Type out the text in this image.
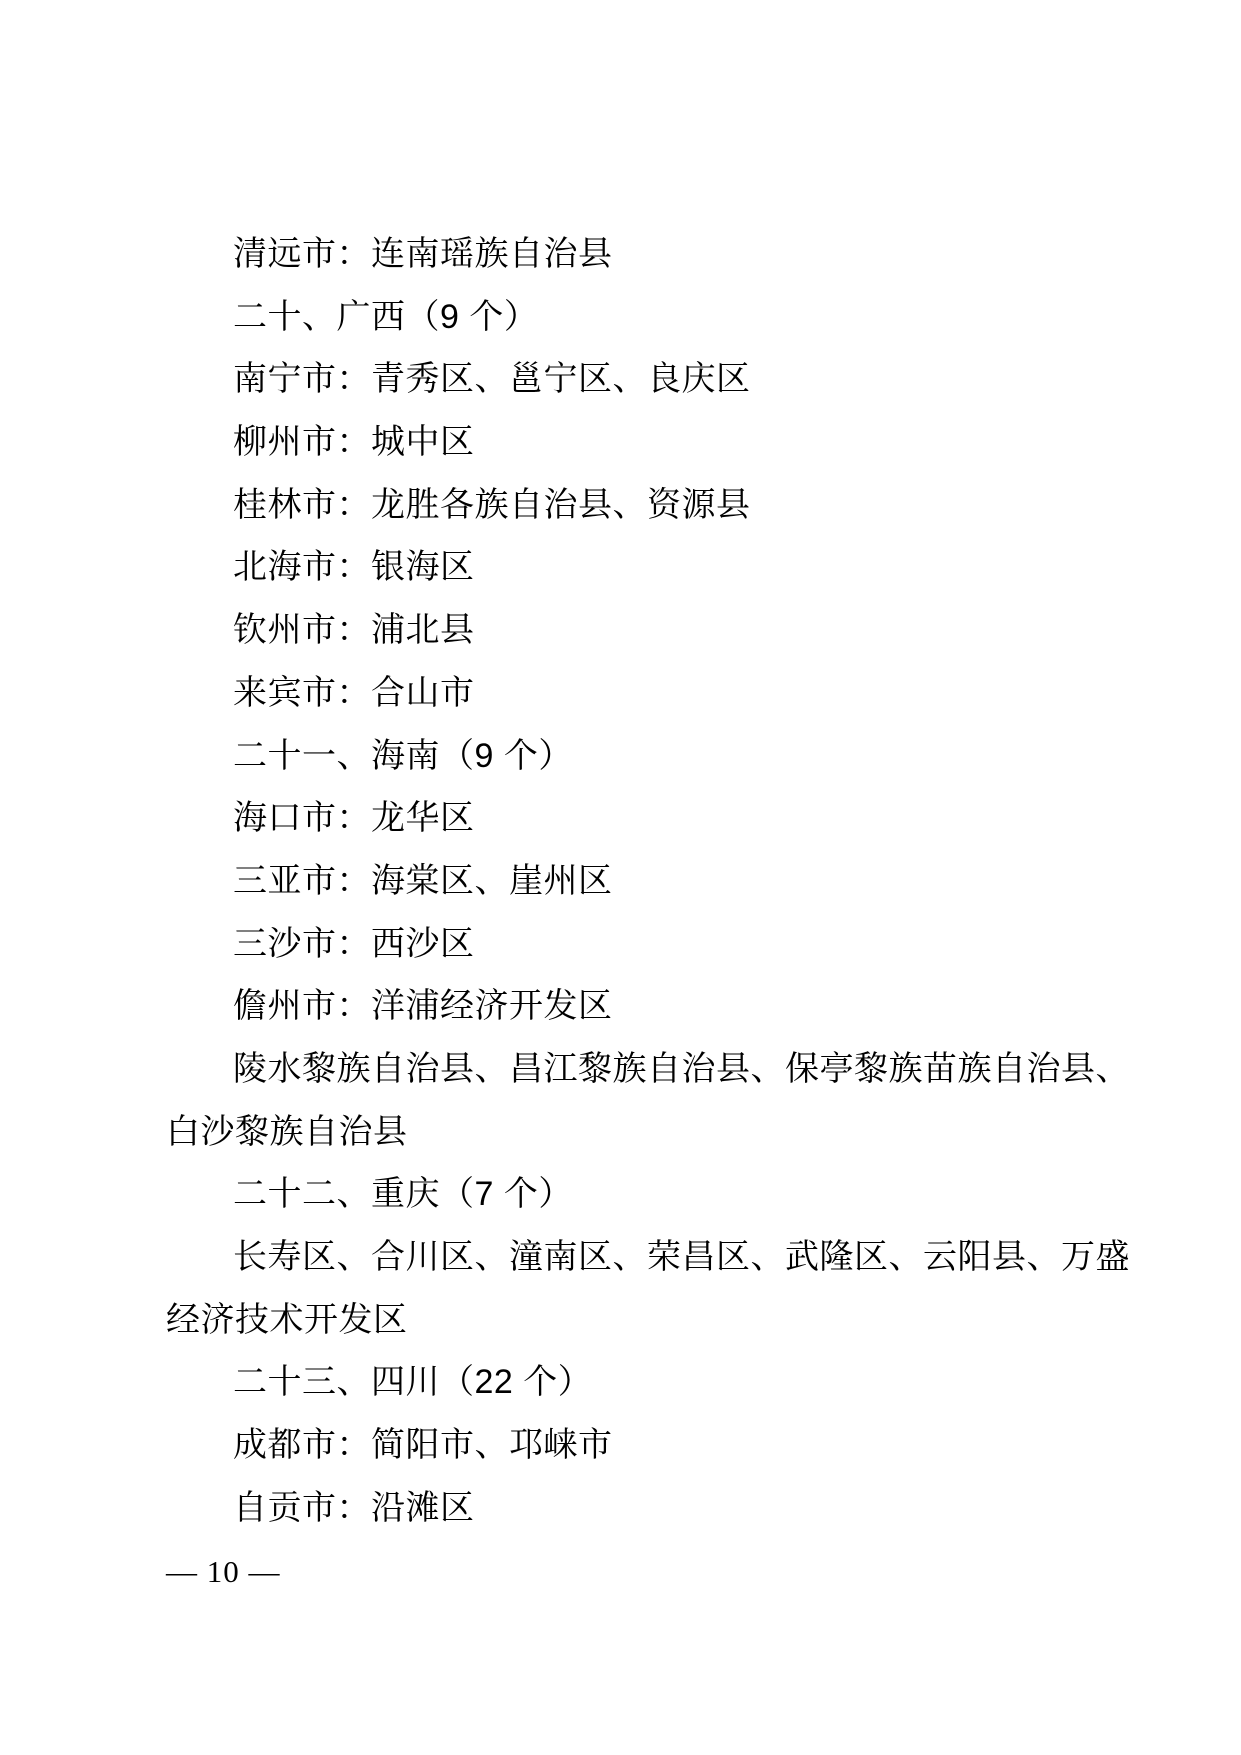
清远市：连南瑶族自治县
二十、广西（9 个）
南宁市：青秀区、邕宁区、良庆区
柳州市：城中区
桂林市：龙胜各族自治县、资源县
北海市：银海区
钦州市：浦北县
来宾市：合山市
二十一、海南（9 个）
海口市：龙华区
三亚市：海棠区、崖州区
三沙市：西沙区
儋州市：洋浦经济开发区
陵水黎族自治县、昌江黎族自治县、保亭黎族苗族自治县、
白沙黎族自治县
二十二、重庆（7 个）
长寿区、合川区、潼南区、荣昌区、武隆区、云阳县、万盛
经济技术开发区
二十三、四川（22 个）
成都市：简阳市、邛崃市
自贡市：沿滩区
— 10 —
